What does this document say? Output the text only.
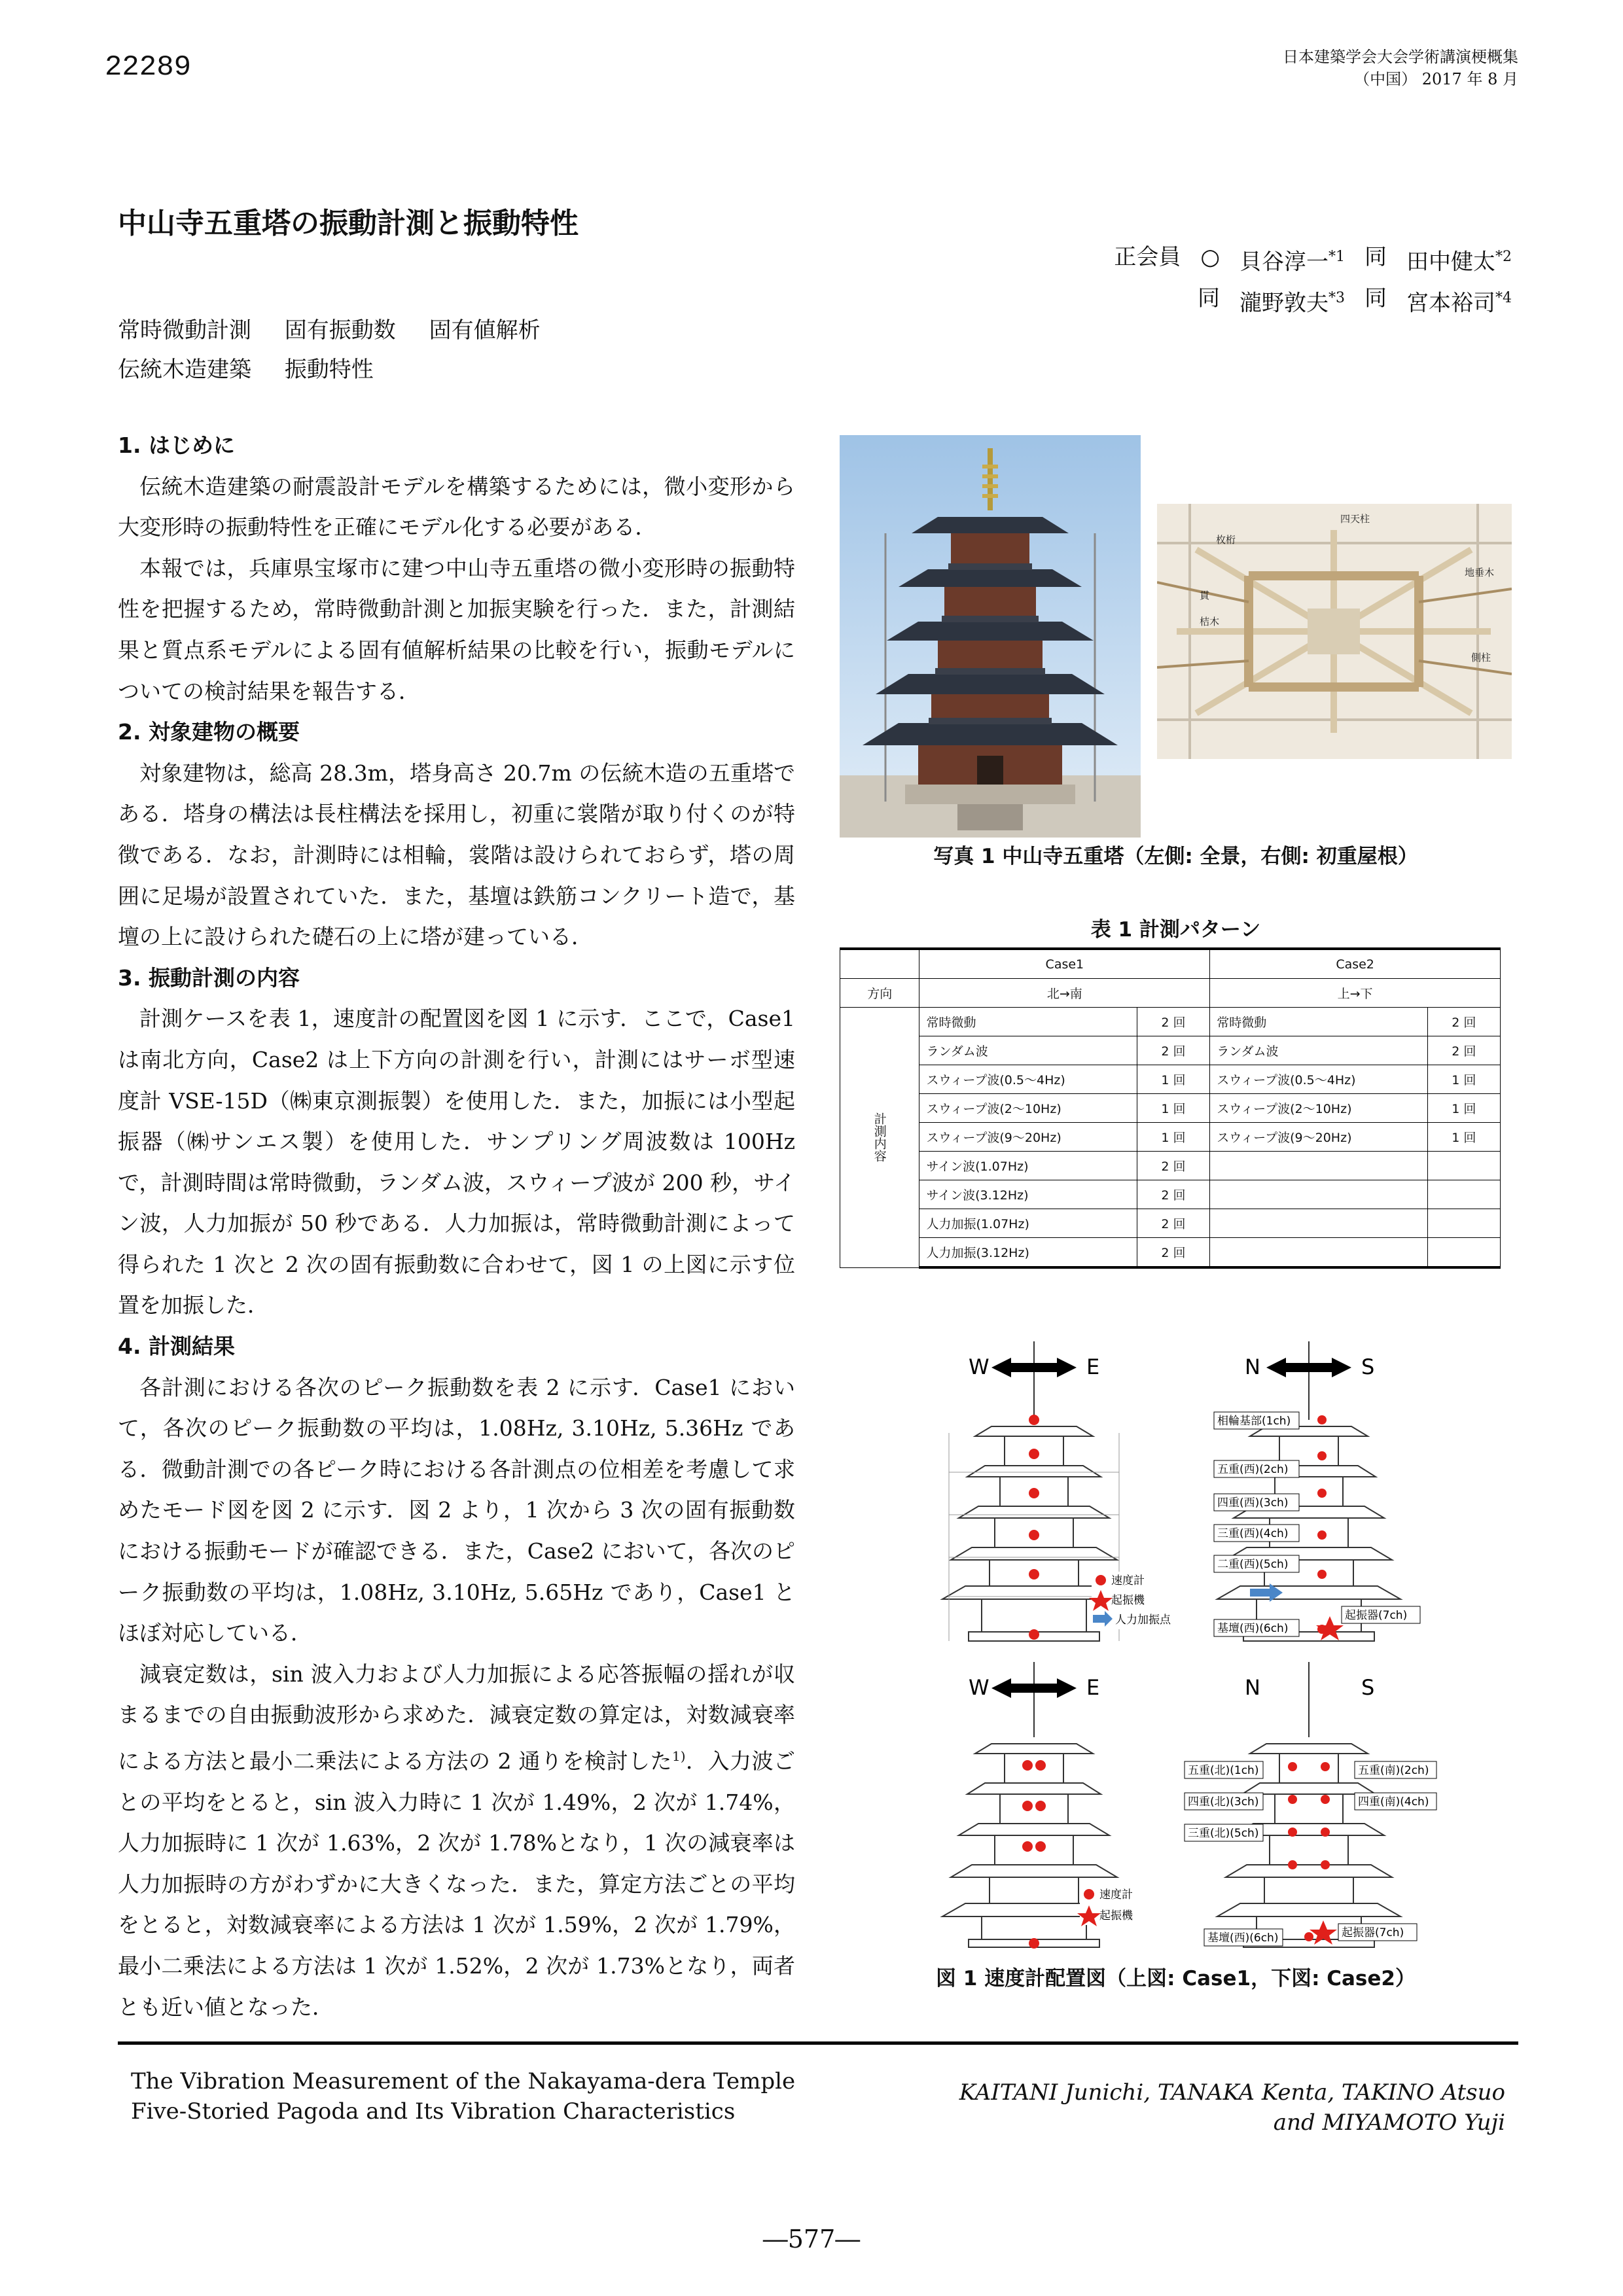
22289	日本建築学会大会学術講演梗概集
（中国） 2017 年 8 月
中山寺五重塔の振動計測と振動特性
正会員 ○ 貝谷淳一$^{*1}$ 同 田中健太$^{*2}$
同 瀧野敦夫$^{*3}$ 同 宮本裕司$^{*4}$
常時微動計測 固有振動数 固有値解析
伝統木造建築 振動特性
1. はじめに

伝統木造建築の耐震設計モデルを構築するためには，微小変形から大変形時の振動特性を正確にモデル化する必要がある．

本報では，兵庫県宝塚市に建つ中山寺五重塔の微小変形時の振動特性を把握するため，常時微動計測と加振実験を行った．また，計測結果と質点系モデルによる固有値解析結果の比較を行い，振動モデルについての検討結果を報告する．

2. 対象建物の概要

対象建物は，総高 28.3m，塔身高さ 20.7m の伝統木造の五重塔である．塔身の構法は長柱構法を採用し，初重に裳階が取り付くのが特徴である．なお，計測時には相輪，裳階は設けられておらず，塔の周囲に足場が設置されていた．また，基壇は鉄筋コンクリート造で，基壇の上に設けられた礎石の上に塔が建っている．

3. 振動計測の内容

計測ケースを表 1，速度計の配置図を図 1 に示す．ここで，Case1 は南北方向，Case2 は上下方向の計測を行い，計測にはサーボ型速度計 VSE-15D（㈱東京測振製）を使用した．また，加振には小型起振器（㈱サンエス製）を使用した．サンプリング周波数は 100Hz で，計測時間は常時微動，ランダム波，スウィープ波が 200 秒，サイン波，人力加振が 50 秒である．人力加振は，常時微動計測によって得られた 1 次と 2 次の固有振動数に合わせて，図 1 の上図に示す位置を加振した．

4. 計測結果

各計測における各次のピーク振動数を表 2 に示す．Case1 において，各次のピーク振動数の平均は，1.08Hz, 3.10Hz, 5.36Hz である．微動計測での各ピーク時における各計測点の位相差を考慮して求めたモード図を図 2 に示す．図 2 より，1 次から 3 次の固有振動数における振動モードが確認できる．また，Case2 において，各次のピーク振動数の平均は，1.08Hz, 3.10Hz, 5.65Hz であり，Case1 とほぼ対応している．

減衰定数は，sin 波入力および人力加振による応答振幅の揺れが収まるまでの自由振動波形から求めた．減衰定数の算定は，対数減衰率による方法と最小二乗法による方法の 2 通りを検討した$^{1)}$．入力波ごとの平均をとると，sin 波入力時に 1 次が 1.49%，2 次が 1.74%，人力加振時に 1 次が 1.63%，2 次が 1.78%となり，1 次の減衰率は人力加振時の方がわずかに大きくなった．また，算定方法ごとの平均をとると，対数減衰率による方法は 1 次が 1.59%，2 次が 1.79%，最小二乗法による方法は 1 次が 1.52%，2 次が 1.73%となり，両者とも近い値となった．

四天柱
枚桁
地垂木
貫
桔木
側柱
写真 1 中山寺五重塔（左側: 全景，右側: 初重屋根）
表 1 計測パターン
	Case1		Case2	
方向	北→南		上→下	
計測内容	常時微動	2 回	常時微動	2 回
	ランダム波	2 回	ランダム波	2 回
	スウィープ波(0.5～4Hz)	1 回	スウィープ波(0.5～4Hz)	1 回
	スウィープ波(2～10Hz)	1 回	スウィープ波(2～10Hz)	1 回
	スウィープ波(9～20Hz)	1 回	スウィープ波(9～20Hz)	1 回
	サイン波(1.07Hz)	2 回		
	サイン波(3.12Hz)	2 回		
	人力加振(1.07Hz)	2 回		
	人力加振(3.12Hz)	2 回		
W	E	N	S
相輪基部(1ch)
五重(西)(2ch)
四重(西)(3ch)
三重(西)(4ch)
二重(西)(5ch)
基壇(西)(6ch)
起振器(7ch)
速度計
起振機
人力加振点
W	E	N	S
五重(北)(1ch)
四重(北)(3ch)
三重(北)(5ch)
五重(南)(2ch)
四重(南)(4ch)
基壇(西)(6ch)	起振器(7ch)
速度計
起振機
図 1 速度計配置図（上図: Case1，下図: Case2）
The Vibration Measurement of the Nakayama-dera Temple
Five-Storied Pagoda and Its Vibration Characteristics
KAITANI Junichi, TANAKA Kenta, TAKINO Atsuo
and MIYAMOTO Yuji
―577―
